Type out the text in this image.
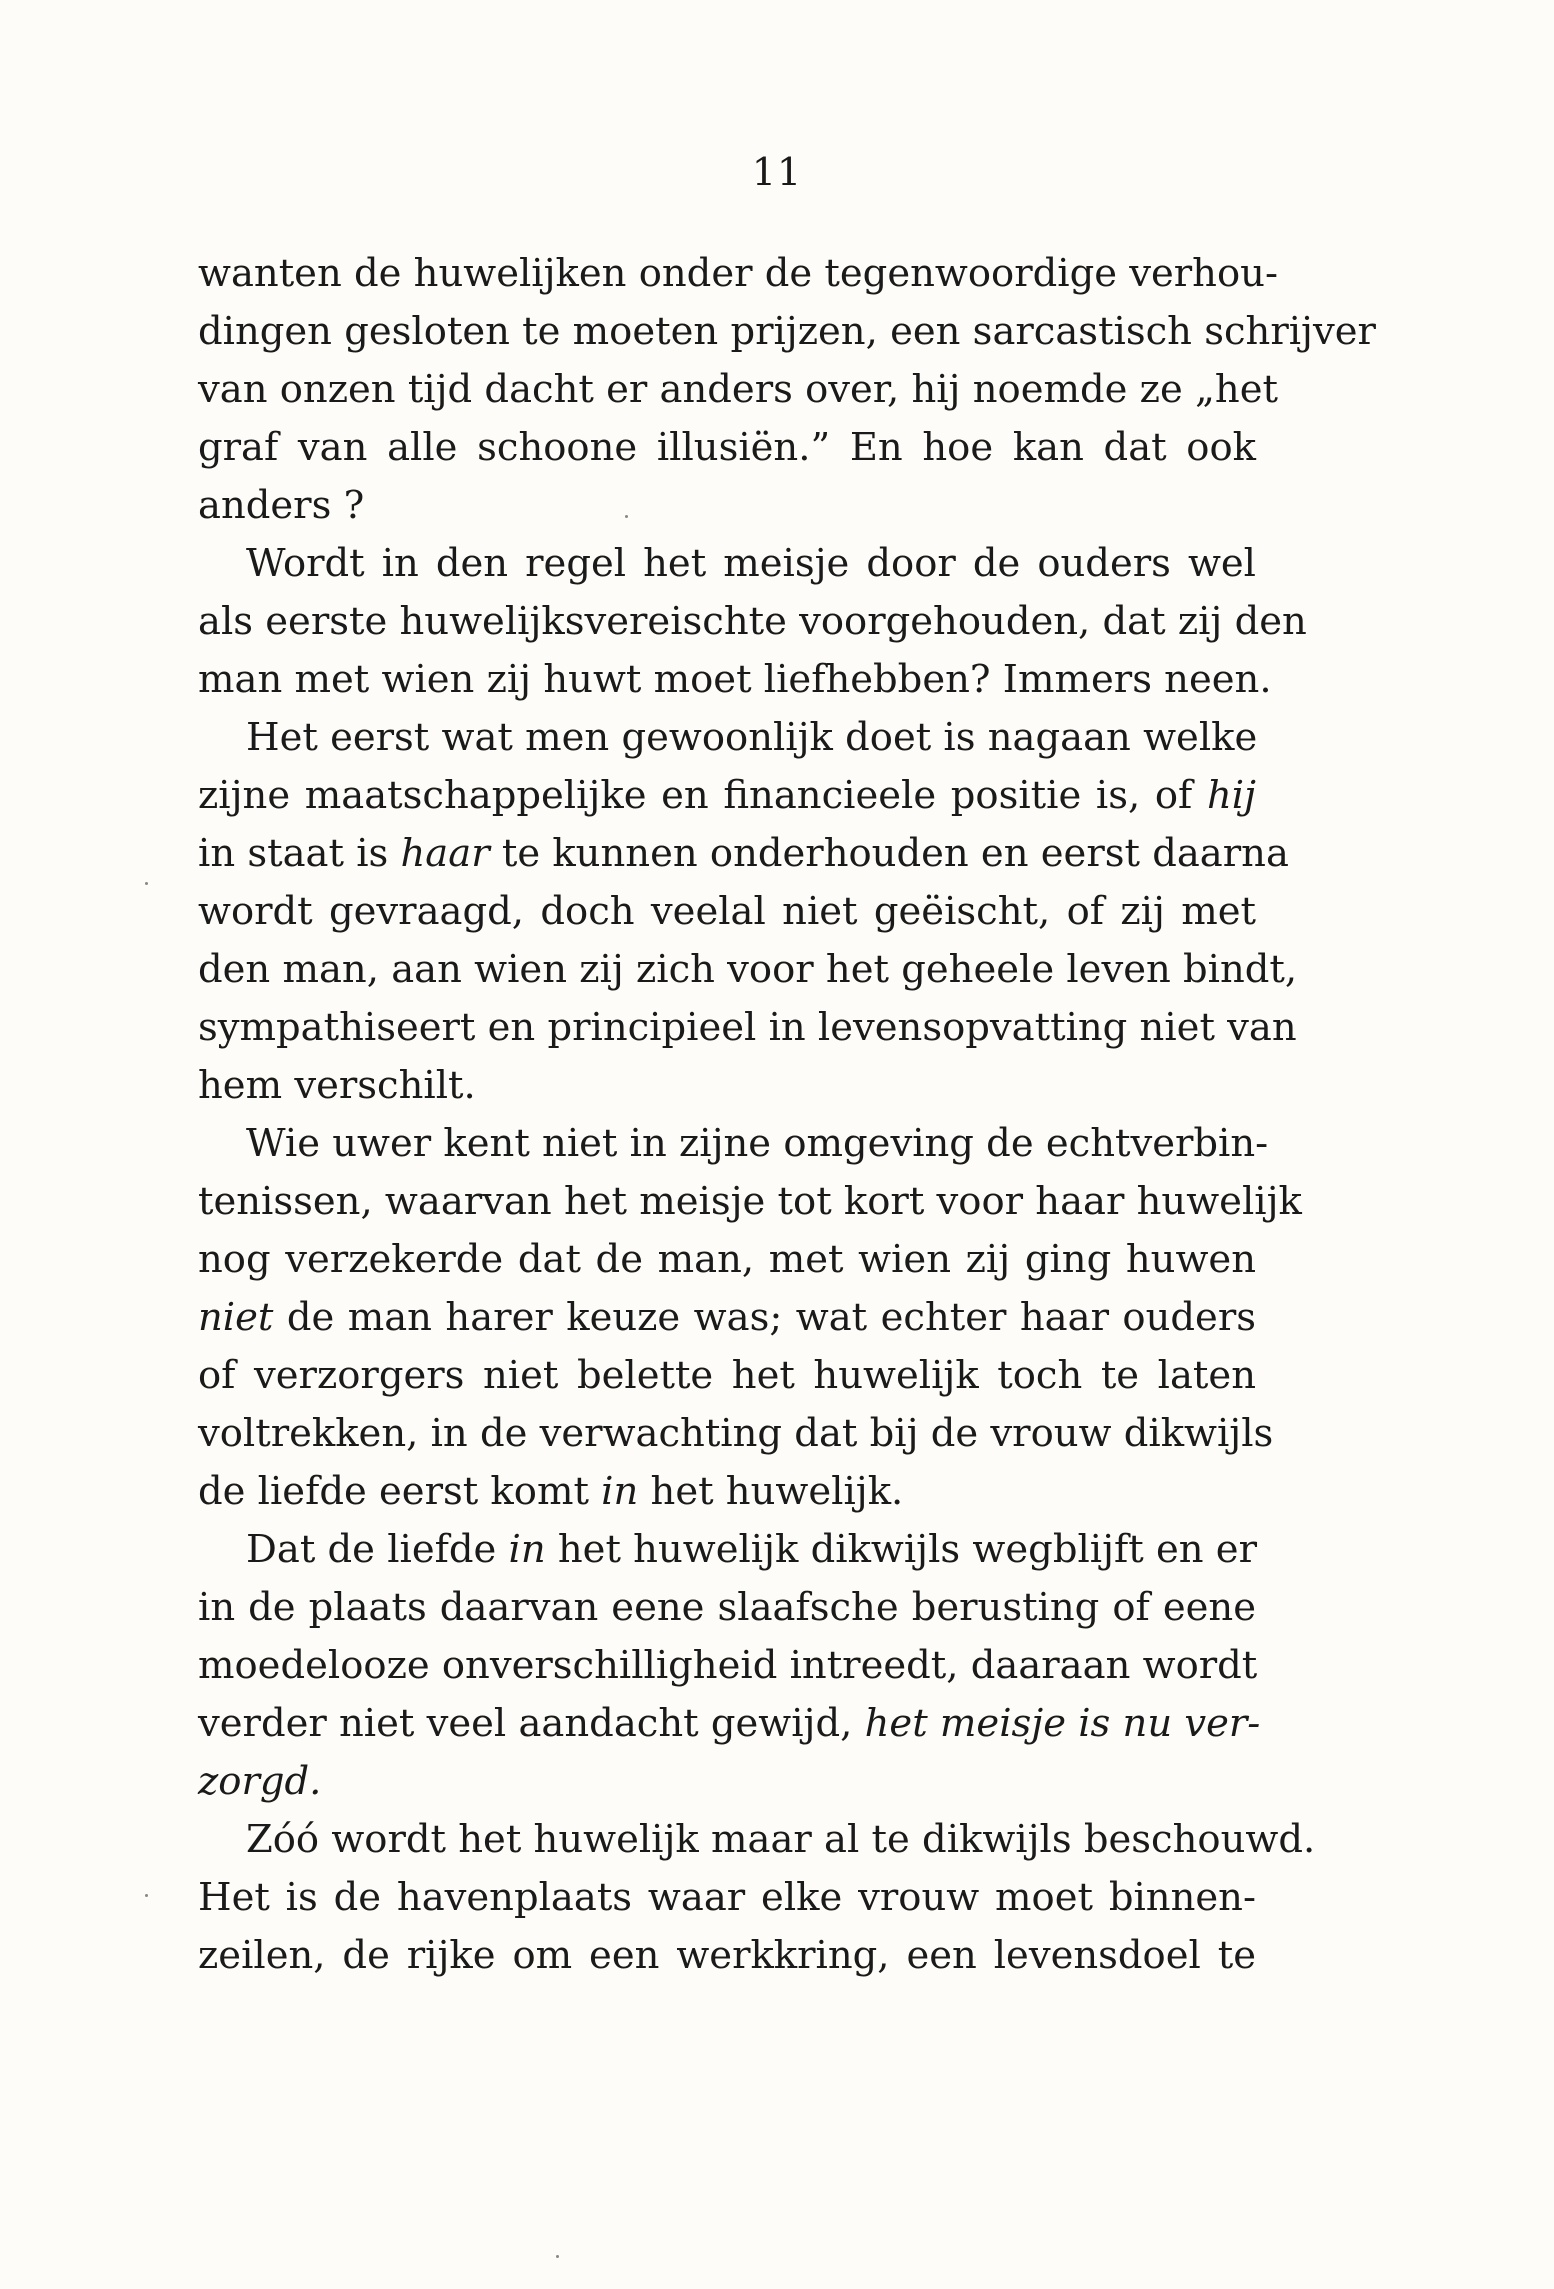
11
wanten de huwelijken onder de tegenwoordige verhou-
dingen gesloten te moeten prijzen, een sarcastisch schrijver
van onzen tijd dacht er anders over, hij noemde ze „het
graf van alle schoone illusiën.” En hoe kan dat ook
anders ?
Wordt in den regel het meisje door de ouders wel
als eerste huwelijksvereischte voorgehouden, dat zij den
man met wien zij huwt moet liefhebben? Immers neen.
Het eerst wat men gewoonlijk doet is nagaan welke
zijne maatschappelijke en financieele positie is, of hij
in staat is haar te kunnen onderhouden en eerst daarna
wordt gevraagd, doch veelal niet geëischt, of zij met
den man, aan wien zij zich voor het geheele leven bindt,
sympathiseert en principieel in levensopvatting niet van
hem verschilt.
Wie uwer kent niet in zijne omgeving de echtverbin-
tenissen, waarvan het meisje tot kort voor haar huwelijk
nog verzekerde dat de man, met wien zij ging huwen
niet de man harer keuze was; wat echter haar ouders
of verzorgers niet belette het huwelijk toch te laten
voltrekken, in de verwachting dat bij de vrouw dikwijls
de liefde eerst komt in het huwelijk.
Dat de liefde in het huwelijk dikwijls wegblijft en er
in de plaats daarvan eene slaafsche berusting of eene
moedelooze onverschilligheid intreedt, daaraan wordt
verder niet veel aandacht gewijd, het meisje is nu ver-
zorgd.
Zóó wordt het huwelijk maar al te dikwijls beschouwd.
Het is de havenplaats waar elke vrouw moet binnen-
zeilen, de rijke om een werkkring, een levensdoel te
